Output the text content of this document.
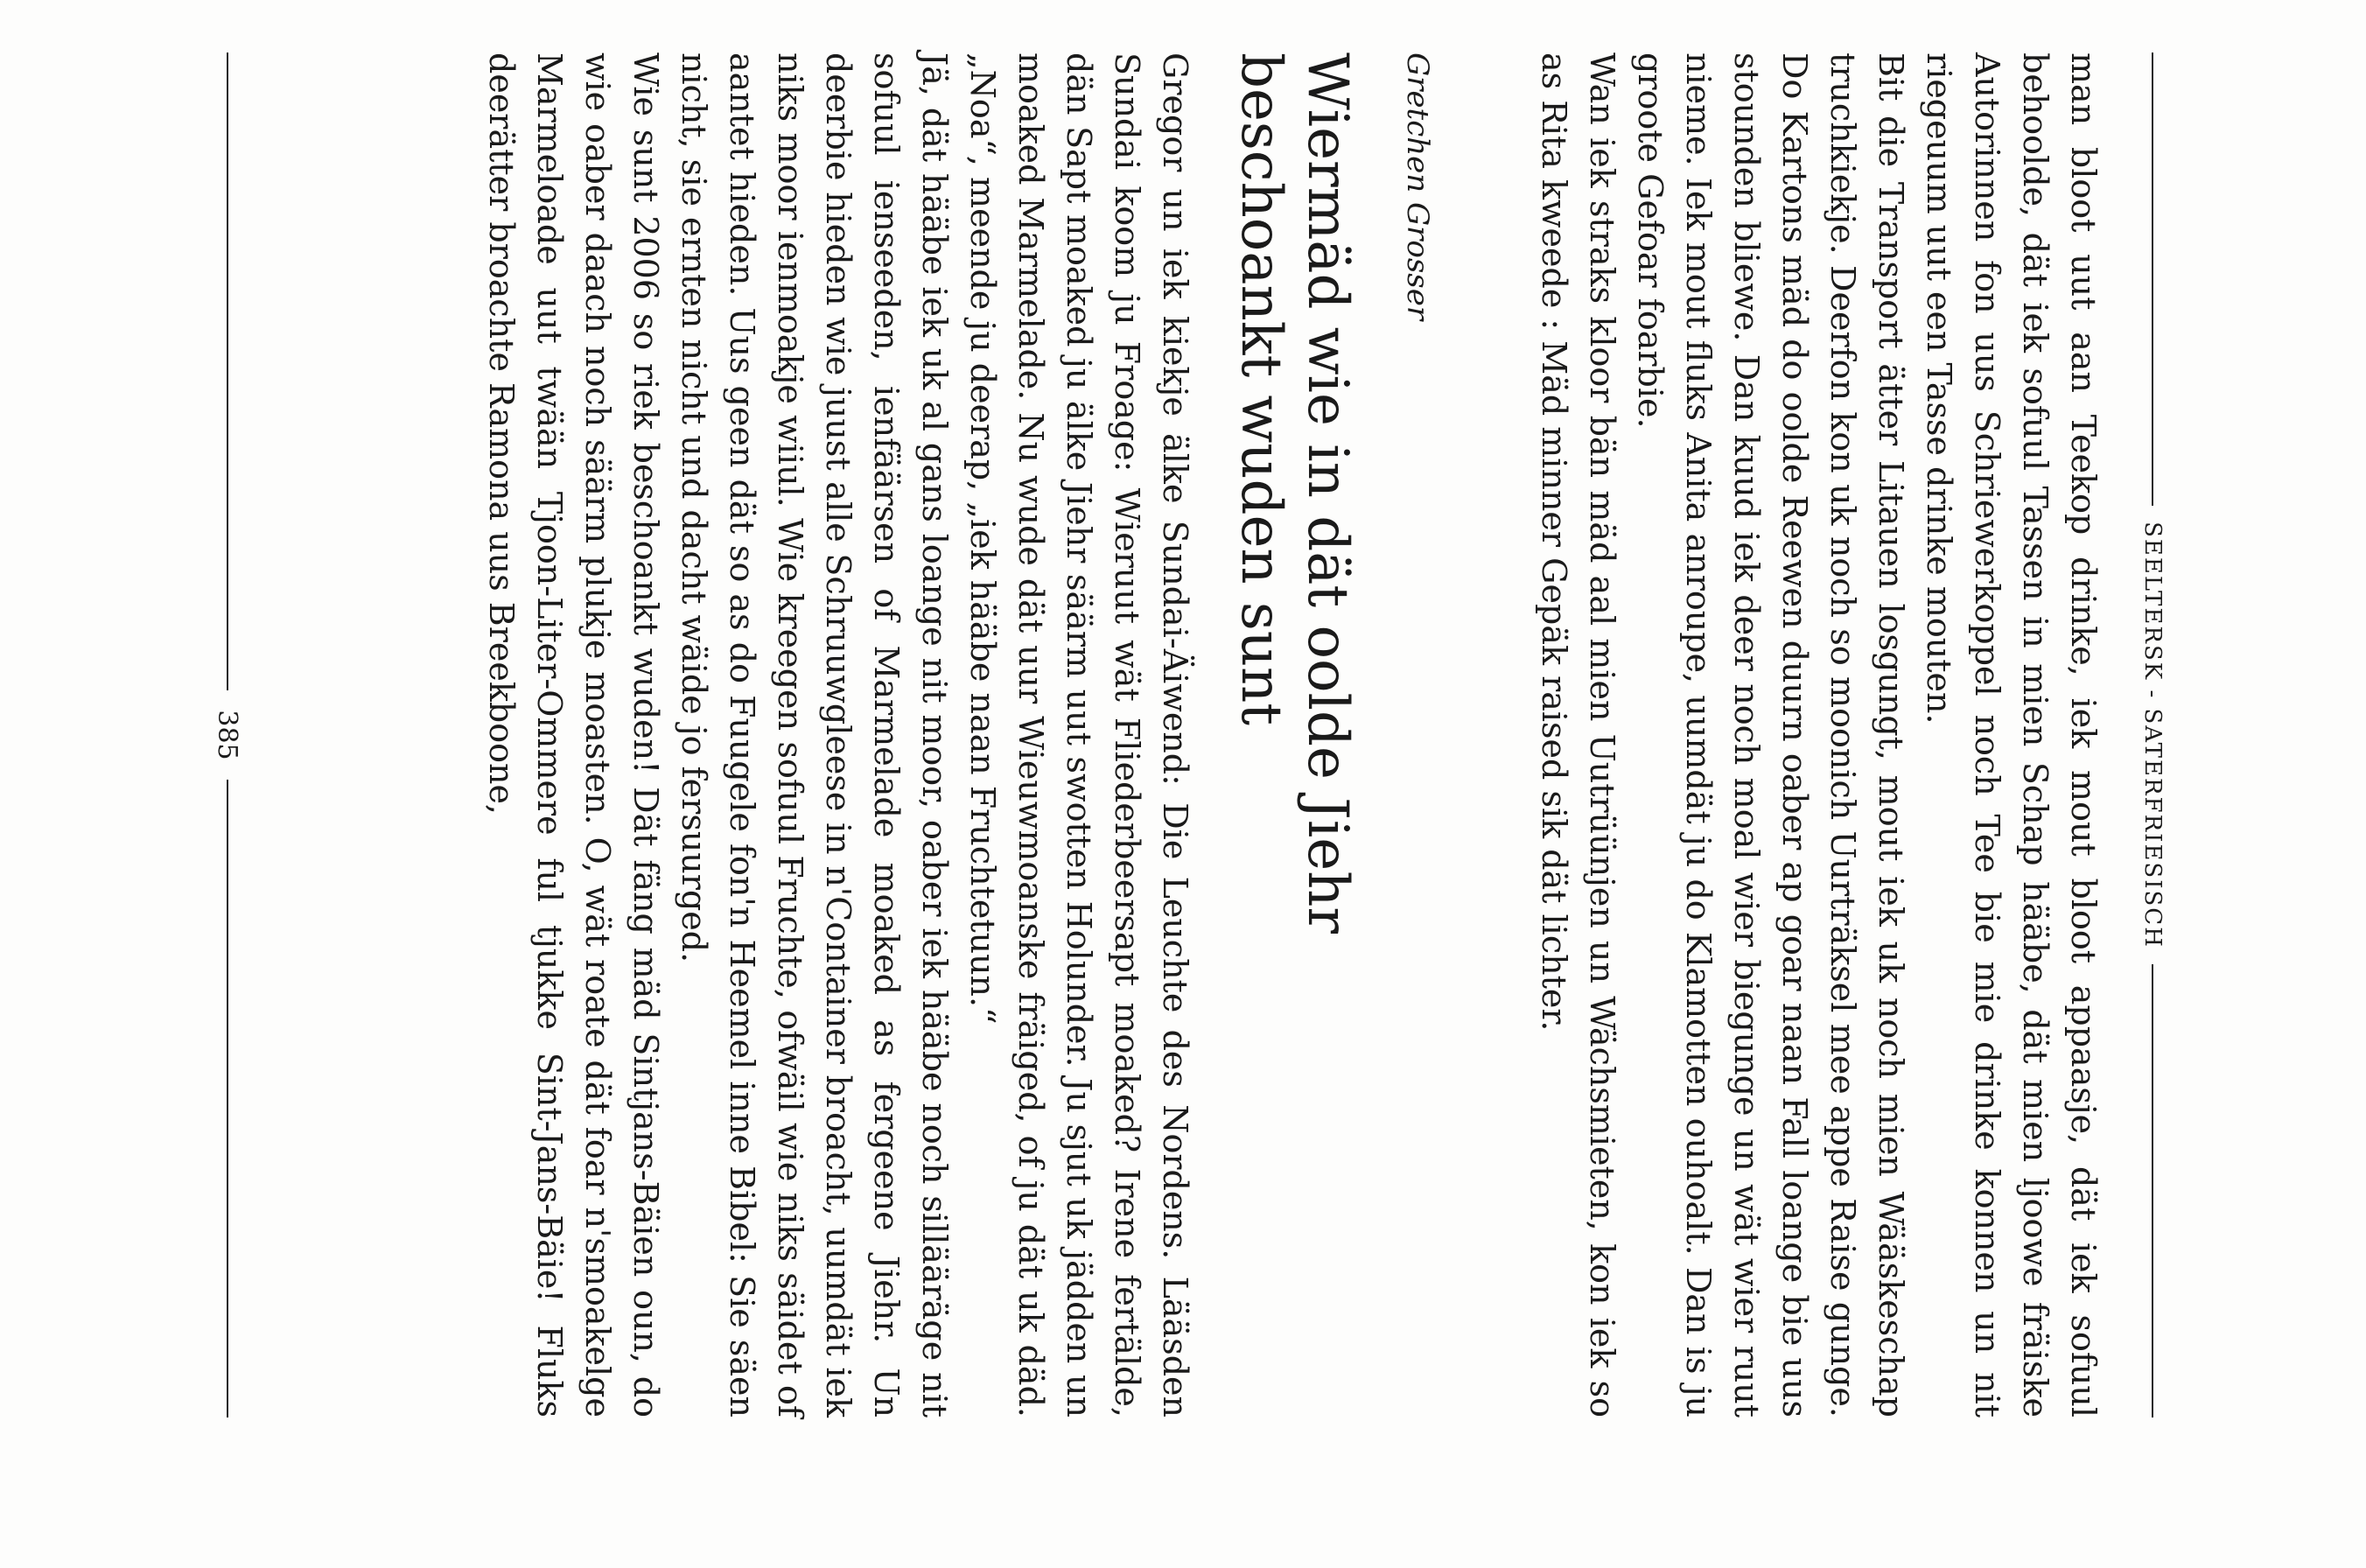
SEELTERSK - SATERFRIESISCH

man bloot uut aan Teekop drinke, iek mout bloot appaasje, dät iek sofuul behoolde, dät iek sofuul Tassen in mien Schap hääbe, dät mien ljoowe fräiske Autorinnen fon uus Schriewerkoppel noch Tee bie mie drinke konnen un nit riegeuum uut een Tasse drinke mouten.

Bit die Transport ätter Litauen losgungt, mout iek uk noch mien Wääskeschap truchkiekje. Deerfon kon uk noch so moonich Uurträksel mee appe Raise gunge. Do Kartons mäd do oolde Reewen duurn oaber ap goar naan Fall loange bie uus stounden bliewe. Dan kuud iek deer noch moal wier biegunge un wät wier ruut nieme. Iek mout fluks Anita anroupe, uumdät ju do Klamotten ouhoalt. Dan is ju groote Gefoar foarbie.

Wan iek straks kloor bän mäd aal mien Uutrüünjen un Wächsmieten, kon iek so as Rita kweede : Mäd minner Gepäk raised sik dät lichter.

Gretchen Grosser
Wiermäd wie in dät oolde Jiehr
beschoankt wuden sunt

Gregor un iek kiekje älke Sundai-Äiwend: Die Leuchte des Nordens. Lääsden Sundai koom ju Froage: Wieruut wät Fliederbeersapt moaked? Irene fertälde, dän Sapt moaked ju älke Jiehr säärm uut swotten Holunder. Ju sjut uk jädden un moaked Marmelade. Nu wude dät uur Wieuwmoanske fräiged, of ju dät uk däd. „Noa“, meende ju deerap, „iek hääbe naan Fruchtetuun.“

Jä, dät hääbe iek uk al gans loange nit moor, oaber iek hääbe noch sillääräge nit sofuul ienseeden, ienfäärsen of Marmelade moaked as fergeene Jiehr. Un deerbie hieden wie juust alle Schruuwgleese in n'Container broacht, uumdät iek niks moor ienmoakje wiiul. Wie kreegen sofuul Fruchte, ofwäil wie niks säidet of aantet hieden. Uus geen dät so as do Fuugele fon'n Heemel inne Bibel: Sie säen nicht, sie ernten nicht und dacht wäide jo fersuurged.

Wie sunt 2006 so riek beschoankt wuden! Dät fäng mäd Sintjans-Bäien oun, do wie oaber daach noch säärm plukje moasten. O, wät roate dät foar n'smoakelge Marmeloade uut twään Tjoon-Liter-Ommere ful tjukke Sint-Jans-Bäie! Fluks deerätter broachte Ramona uus Breekboone,

385
